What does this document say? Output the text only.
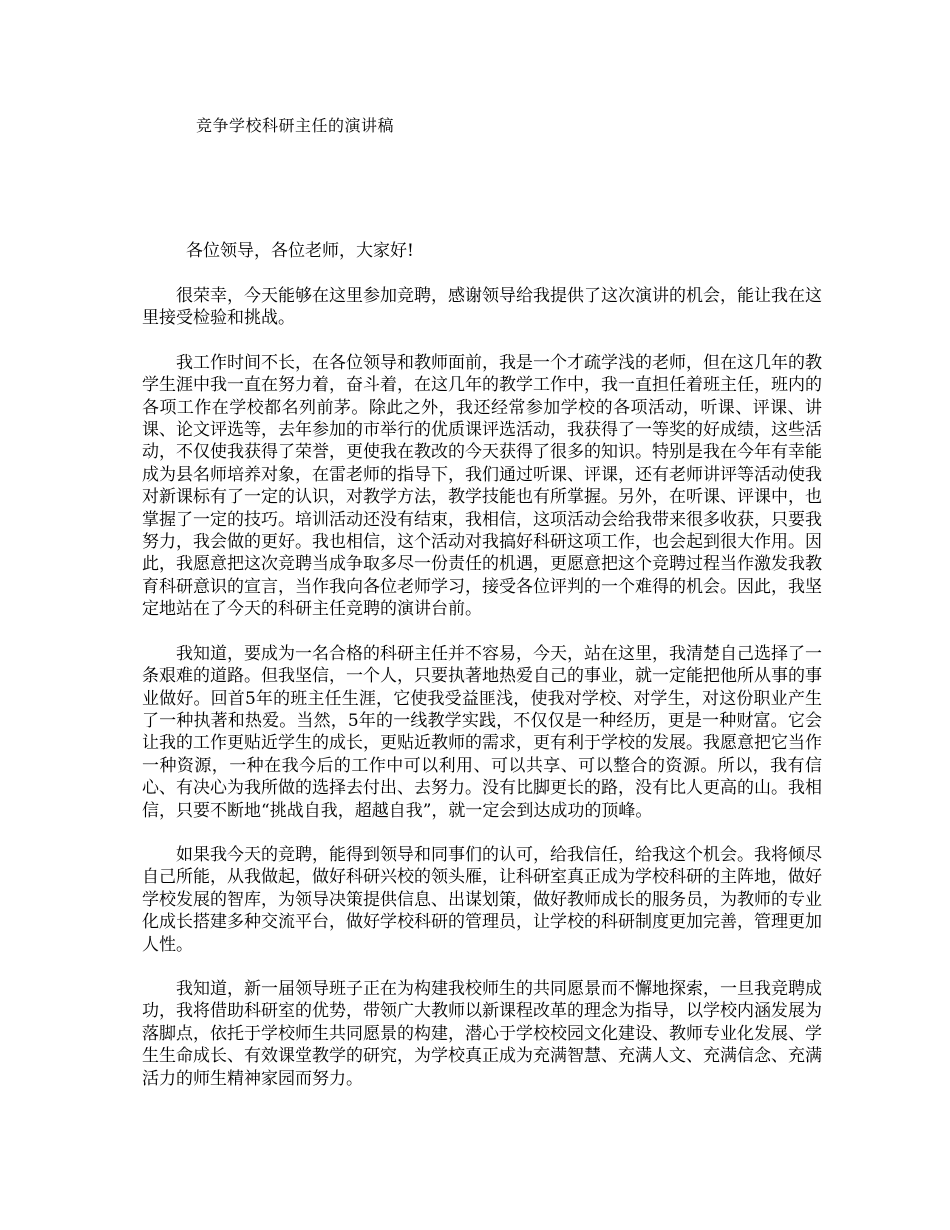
竞争学校科研主任的演讲稿
各位领导，各位老师，大家好!

很荣幸，今天能够在这里参加竞聘，感谢领导给我提供了这次演讲的机会，能让我在这里接受检验和挑战。

我工作时间不长，在各位领导和教师面前，我是一个才疏学浅的老师，但在这几年的教学生涯中我一直在努力着，奋斗着，在这几年的教学工作中，我一直担任着班主任，班内的各项工作在学校都名列前茅。除此之外，我还经常参加学校的各项活动，听课、评课、讲课、论文评选等，去年参加的市举行的优质课评选活动，我获得了一等奖的好成绩，这些活动，不仅使我获得了荣誉，更使我在教改的今天获得了很多的知识。特别是我在今年有幸能成为县名师培养对象，在雷老师的指导下，我们通过听课、评课，还有老师讲评等活动使我对新课标有了一定的认识，对教学方法，教学技能也有所掌握。另外，在听课、评课中，也掌握了一定的技巧。培训活动还没有结束，我相信，这项活动会给我带来很多收获，只要我努力，我会做的更好。我也相信，这个活动对我搞好科研这项工作，也会起到很大作用。因此，我愿意把这次竞聘当成争取多尽一份责任的机遇，更愿意把这个竞聘过程当作激发我教育科研意识的宣言，当作我向各位老师学习，接受各位评判的一个难得的机会。因此，我坚定地站在了今天的科研主任竞聘的演讲台前。

我知道，要成为一名合格的科研主任并不容易，今天，站在这里，我清楚自己选择了一条艰难的道路。但我坚信，一个人，只要执著地热爱自己的事业，就一定能把他所从事的事业做好。回首5年的班主任生涯，它使我受益匪浅，使我对学校、对学生，对这份职业产生了一种执著和热爱。当然，5年的一线教学实践，不仅仅是一种经历，更是一种财富。它会让我的工作更贴近学生的成长，更贴近教师的需求，更有利于学校的发展。我愿意把它当作一种资源，一种在我今后的工作中可以利用、可以共享、可以整合的资源。所以，我有信心、有决心为我所做的选择去付出、去努力。没有比脚更长的路，没有比人更高的山。我相信，只要不断地“挑战自我，超越自我”，就一定会到达成功的顶峰。

如果我今天的竞聘，能得到领导和同事们的认可，给我信任，给我这个机会。我将倾尽自己所能，从我做起，做好科研兴校的领头雁，让科研室真正成为学校科研的主阵地，做好学校发展的智库，为领导决策提供信息、出谋划策，做好教师成长的服务员，为教师的专业化成长搭建多种交流平台，做好学校科研的管理员，让学校的科研制度更加完善，管理更加人性。

我知道，新一届领导班子正在为构建我校师生的共同愿景而不懈地探索，一旦我竞聘成功，我将借助科研室的优势，带领广大教师以新课程改革的理念为指导，以学校内涵发展为落脚点，依托于学校师生共同愿景的构建，潜心于学校校园文化建设、教师专业化发展、学生生命成长、有效课堂教学的研究，为学校真正成为充满智慧、充满人文、充满信念、充满活力的师生精神家园而努力。
